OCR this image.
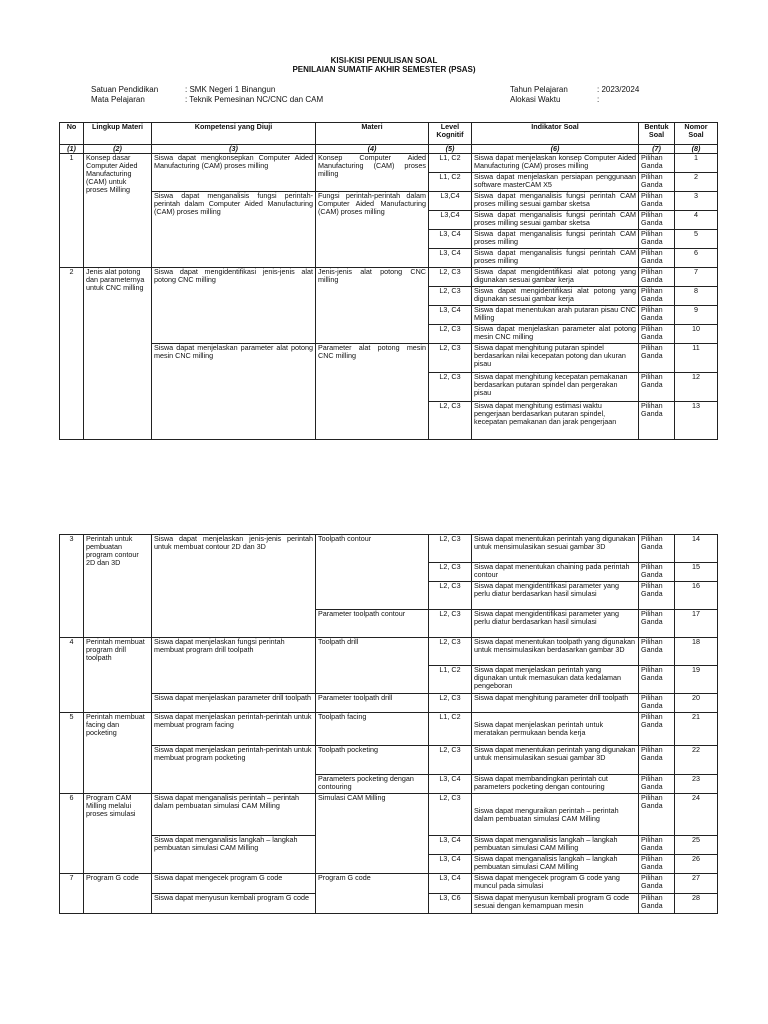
KISI-KISI PENULISAN SOAL
PENILAIAN SUMATIF AKHIR SEMESTER (PSAS)
Satuan Pendidikan	: SMK Negeri 1 Binangun
Mata Pelajaran	: Teknik Pemesinan NC/CNC dan CAM
Tahun Pelajaran	: 2023/2024
Alokasi Waktu	:
No	Lingkup Materi	Kompetensi yang Diuji	Materi	Level Kognitif	Indikator Soal	Bentuk Soal	Nomor Soal
(1)	(2)	(3)	(4)	(5)	(6)	(7)	(8)
1	Konsep dasar Computer Aided Manufacturing (CAM) untuk proses Milling	Siswa dapat mengkonsepkan Computer Aided Manufacturing (CAM) proses milling	Konsep Computer Aided Manufacturing (CAM) proses milling	L1, C2	Siswa dapat menjelaskan konsep Computer Aided Manufacturing (CAM) proses milling	Pilihan Ganda	1
				L1, C2	Siswa dapat menjelaskan persiapan penggunaan software masterCAM X5	Pilihan Ganda	2
		Siswa dapat menganalisis fungsi perintah-perintah dalam Computer Aided Manufacturing (CAM) proses milling	Fungsi perintah-perintah dalam Computer Aided Manufacturing (CAM) proses milling	L3,C4	Siswa dapat menganalisis fungsi perintah CAM proses milling sesuai gambar sketsa	Pilihan Ganda	3
				L3,C4	Siswa dapat menganalisis fungsi perintah CAM proses milling sesuai gambar sketsa	Pilihan Ganda	4
				L3, C4	Siswa dapat menganalisis fungsi perintah CAM proses milling	Pilihan Ganda	5
				L3, C4	Siswa dapat menganalisis fungsi perintah CAM proses milling	Pilihan Ganda	6
2	Jenis alat potong dan parameternya untuk CNC milling	Siswa dapat mengidentifikasi jenis-jenis alat potong CNC milling	Jenis-jenis alat potong CNC milling	L2, C3	Siswa dapat mengidentifikasi alat potong yang digunakan sesuai gambar kerja	Pilihan Ganda	7
				L2, C3	Siswa dapat mengidentifikasi alat potong yang digunakan sesuai gambar kerja	Pilihan Ganda	8
				L3, C4	Siswa dapat menentukan arah putaran pisau CNC Milling	Pilihan Ganda	9
				L2, C3	Siswa dapat menjelaskan parameter alat potong mesin CNC milling	Pilihan Ganda	10
		Siswa dapat menjelaskan parameter alat potong mesin CNC milling	Parameter alat potong mesin CNC milling	L2, C3	Siswa dapat menghitung putaran spindel berdasarkan nilai kecepatan potong dan ukuran pisau	Pilihan Ganda	11
				L2, C3	Siswa dapat menghitung kecepatan pemakanan berdasarkan putaran spindel dan pergerakan pisau	Pilihan Ganda	12
				L2, C3	Siswa dapat menghitung estimasi waktu pengerjaan berdasarkan putaran spindel, kecepatan pemakanan dan jarak pengerjaan	Pilihan Ganda	13
3	Perintah untuk pembuatan program contour 2D dan 3D	Siswa dapat menjelaskan jenis-jenis perintah untuk membuat contour 2D dan 3D	Toolpath contour	L2, C3	Siswa dapat menentukan perintah yang digunakan untuk mensimulasikan sesuai gambar 3D	Pilihan Ganda	14
				L2, C3	Siswa dapat menentukan chaining pada perintah contour	Pilihan Ganda	15
				L2, C3	Siswa dapat mengidentifikasi parameter yang perlu diatur berdasarkan hasil simulasi	Pilihan Ganda	16
			Parameter toolpath contour	L2, C3	Siswa dapat mengidentifikasi parameter yang perlu diatur berdasarkan hasil simulasi	Pilihan Ganda	17
4	Perintah membuat program drill toolpath	Siswa dapat menjelaskan fungsi perintah membuat program drill toolpath	Toolpath drill	L2, C3	Siswa dapat menentukan toolpath yang digunakan untuk mensimulasikan berdasarkan gambar 3D	Pilihan Ganda	18
				L1, C2	Siswa dapat menjelaskan perintah yang digunakan untuk memasukan data kedalaman pengeboran	Pilihan Ganda	19
		Siswa dapat menjelaskan parameter drill toolpath	Parameter toolpath drill	L2, C3	Siswa dapat menghitung parameter drill toolpath	Pilihan Ganda	20
5	Perintah membuat facing dan pocketing	Siswa dapat menjelaskan perintah-perintah untuk membuat program facing	Toolpath facing	L1, C2	Siswa dapat menjelaskan perintah untuk meratakan permukaan benda kerja	Pilihan Ganda	21
		Siswa dapat menjelaskan perintah-perintah untuk membuat program pocketing	Toolpath pocketing	L2, C3	Siswa dapat menentukan perintah yang digunakan untuk mensimulasikan sesuai gambar 3D	Pilihan Ganda	22
			Parameters pocketing dengan contouring	L3, C4	Siswa dapat membandingkan perintah cut parameters pocketing dengan contouring	Pilihan Ganda	23
6	Program CAM Milling melalui proses simulasi	Siswa dapat menganalisis perintah – perintah dalam pembuatan simulasi CAM Milling	Simulasi CAM Milling	L2, C3	Siswa dapat menguraikan perintah – perintah dalam pembuatan simulasi CAM Milling	Pilihan Ganda	24
		Siswa dapat menganalisis langkah – langkah pembuatan simulasi CAM Milling		L3, C4	Siswa dapat menganalisis langkah – langkah pembuatan simulasi CAM Milling	Pilihan Ganda	25
				L3, C4	Siswa dapat menganalisis langkah – langkah pembuatan simulasi CAM Milling	Pilihan Ganda	26
7	Program G code	Siswa dapat mengecek program G code	Program G code	L3, C4	Siswa dapat mengecek program G code yang muncul pada simulasi	Pilihan Ganda	27
		Siswa dapat menyusun kembali program G code		L3, C6	Siswa dapat menyusun kembali program G code sesuai dengan kemampuan mesin	Pilihan Ganda	28
